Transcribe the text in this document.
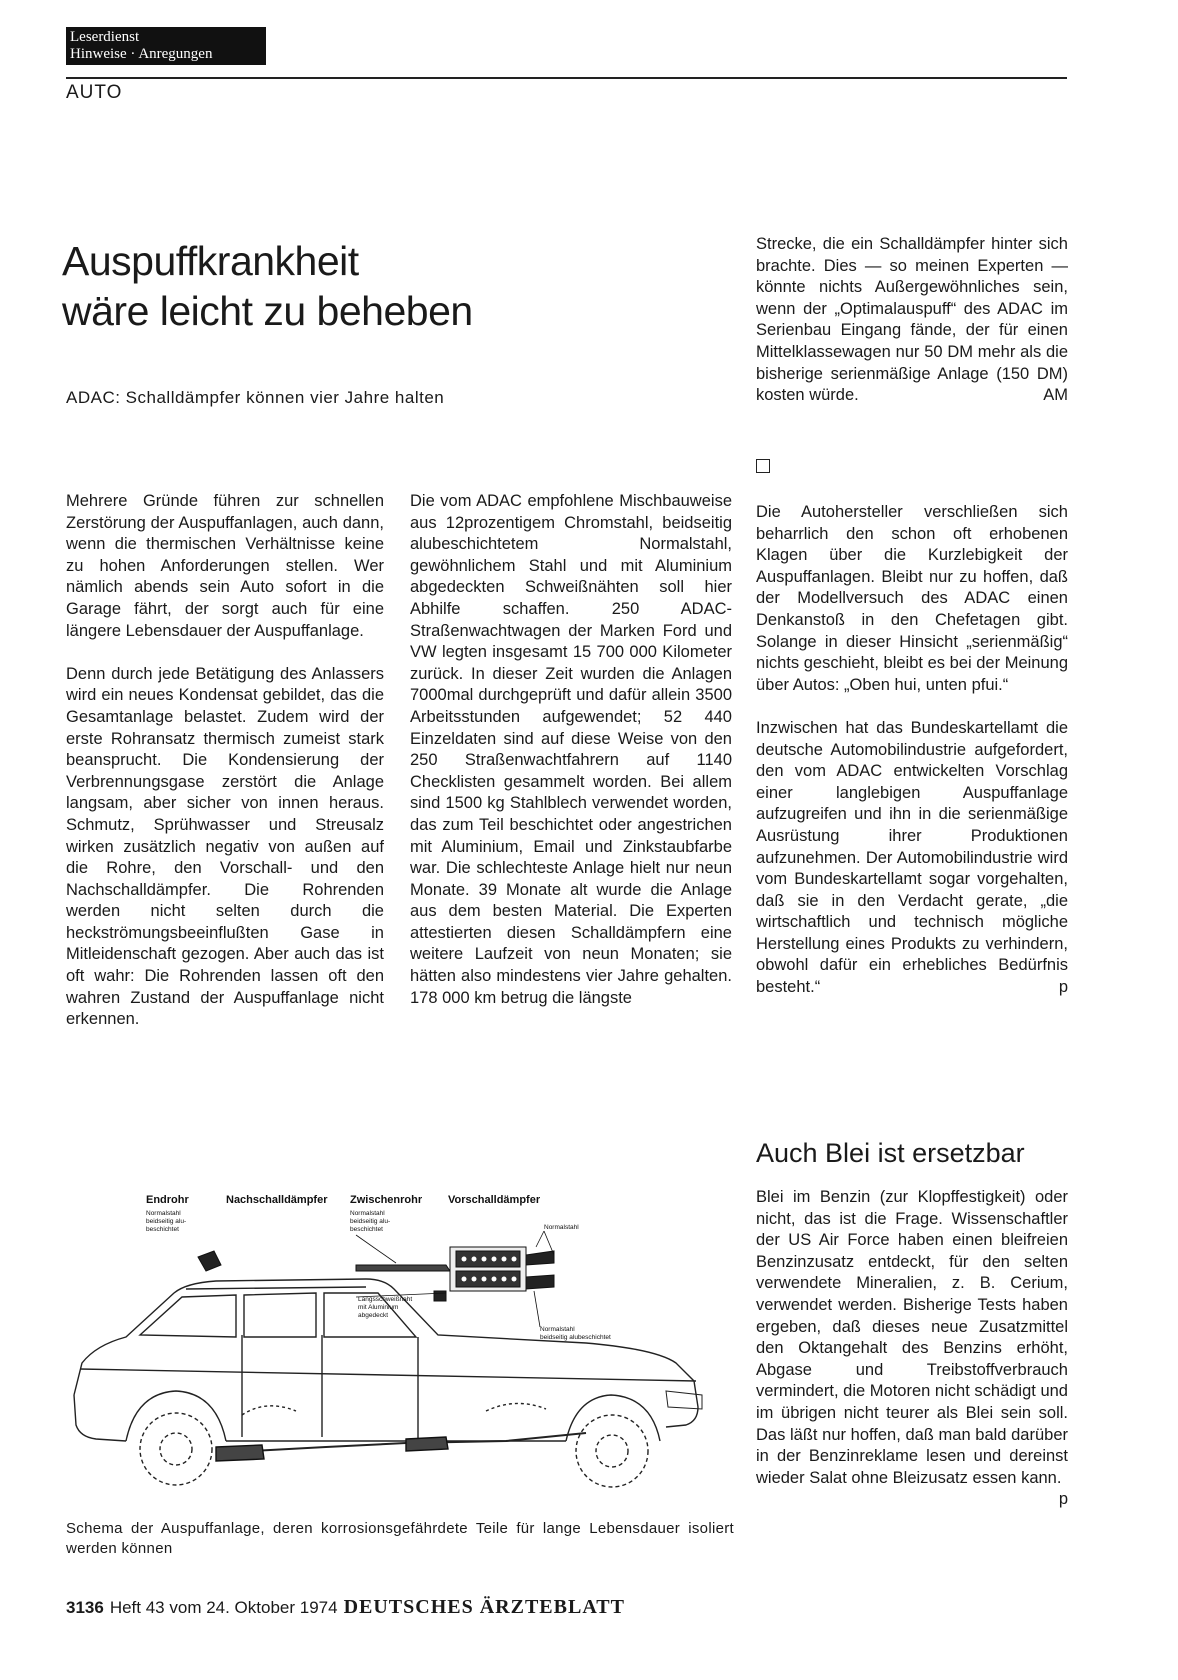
Leserdienst
Hinweise · Anregungen
AUTO
Auspuffkrankheit
wäre leicht zu beheben
ADAC: Schalldämpfer können vier Jahre halten

Mehrere Gründe führen zur schnellen Zerstörung der Auspuffanlagen, auch dann, wenn die thermischen Verhältnisse keine zu hohen Anforderungen stellen. Wer nämlich abends sein Auto sofort in die Garage fährt, der sorgt auch für eine längere Lebensdauer der Auspuffanlage.

Denn durch jede Betätigung des Anlassers wird ein neues Kondensat gebildet, das die Gesamtanlage belastet. Zudem wird der erste Rohransatz thermisch zumeist stark beansprucht. Die Kondensierung der Verbrennungsgase zerstört die Anlage langsam, aber sicher von innen heraus. Schmutz, Sprühwasser und Streusalz wirken zusätzlich negativ von außen auf die Rohre, den Vorschall- und den Nachschalldämpfer. Die Rohrenden werden nicht selten durch die heckströmungsbeeinflußten Gase in Mitleidenschaft gezogen. Aber auch das ist oft wahr: Die Rohrenden lassen oft den wahren Zustand der Auspuffanlage nicht erkennen.

Die vom ADAC empfohlene Mischbauweise aus 12prozentigem Chromstahl, beidseitig alubeschichtetem Normalstahl, gewöhnlichem Stahl und mit Aluminium abgedeckten Schweißnähten soll hier Abhilfe schaffen. 250 ADAC-Straßenwachtwagen der Marken Ford und VW legten insgesamt 15 700 000 Kilometer zurück. In dieser Zeit wurden die Anlagen 7000mal durchgeprüft und dafür allein 3500 Arbeitsstunden aufgewendet; 52 440 Einzeldaten sind auf diese Weise von den 250 Straßenwachtfahrern auf 1140 Checklisten gesammelt worden. Bei allem sind 1500 kg Stahlblech verwendet worden, das zum Teil beschichtet oder angestrichen mit Aluminium, Email und Zinkstaubfarbe war. Die schlechteste Anlage hielt nur neun Monate. 39 Monate alt wurde die Anlage aus dem besten Material. Die Experten attestierten diesen Schalldämpfern eine weitere Laufzeit von neun Monaten; sie hätten also mindestens vier Jahre gehalten. 178 000 km betrug die längste

Strecke, die ein Schalldämpfer hinter sich brachte. Dies — so meinen Experten — könnte nichts Außergewöhnliches sein, wenn der „Optimalauspuff“ des ADAC im Serienbau Eingang fände, der für einen Mittelklassewagen nur 50 DM mehr als die bisherige serienmäßige Anlage (150 DM) kosten würde.	AM

Die Autohersteller verschließen sich beharrlich den schon oft erhobenen Klagen über die Kurzlebigkeit der Auspuffanlagen. Bleibt nur zu hoffen, daß der Modellversuch des ADAC einen Denkanstoß in den Chefetagen gibt. Solange in dieser Hinsicht „serienmäßig“ nichts geschieht, bleibt es bei der Meinung über Autos: „Oben hui, unten pfui.“

Inzwischen hat das Bundeskartellamt die deutsche Automobilindustrie aufgefordert, den vom ADAC entwickelten Vorschlag einer langlebigen Auspuffanlage aufzugreifen und ihn in die serienmäßige Ausrüstung ihrer Produktionen aufzunehmen. Der Automobilindustrie wird vom Bundeskartellamt sogar vorgehalten, daß sie in den Verdacht gerate, „die wirtschaftlich und technisch mögliche Herstellung eines Produkts zu verhindern, obwohl dafür ein erhebliches Bedürfnis besteht.“	p

Auch Blei ist ersetzbar

Blei im Benzin (zur Klopffestigkeit) oder nicht, das ist die Frage. Wissenschaftler der US Air Force haben einen bleifreien Benzinzusatz entdeckt, für den selten verwendete Mineralien, z. B. Cerium, verwendet werden. Bisherige Tests haben ergeben, daß dieses neue Zusatzmittel den Oktangehalt des Benzins erhöht, Abgase und Treibstoffverbrauch vermindert, die Motoren nicht schädigt und im übrigen nicht teurer als Blei sein soll. Das läßt nur hoffen, daß man bald darüber in der Benzinreklame lesen und dereinst wieder Salat ohne Bleizusatz essen kann.
p

Endrohr
Normalstahl
beidseitig alu-
beschichtet
Nachschalldämpfer Zwischenrohr
Normalstahl
beidseitig alu-
beschichtet
Vorschalldämpfer
Normalstahl
Längsschweißnaht
mit Aluminium
abgedeckt
Normalstahl
beidseitig alubeschichtet
Schema der Auspuffanlage, deren korrosionsgefährdete Teile für lange Lebensdauer isoliert werden können
3136 Heft 43 vom 24. Oktober 1974 DEUTSCHES ÄRZTEBLATT
